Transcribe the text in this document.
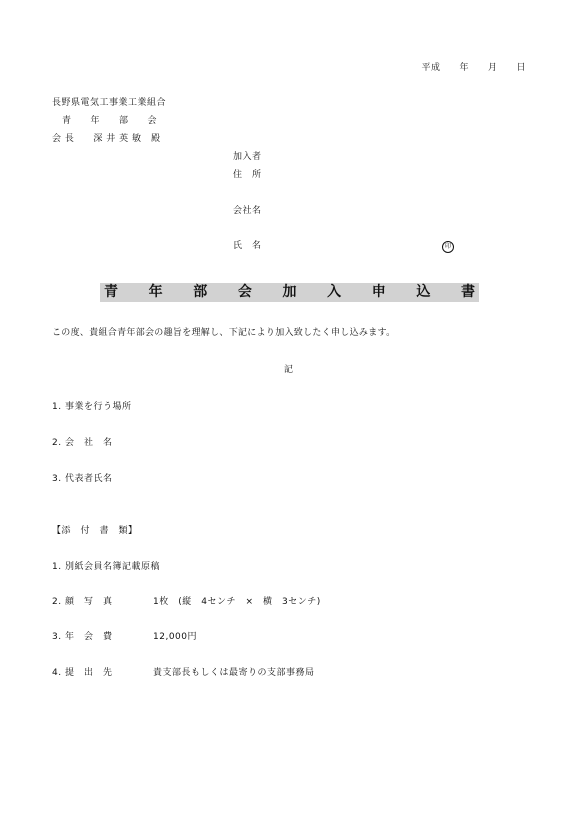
平成　　年　　月　　日
長野県電気工事業工業組合
青　　年　　部　　会
会 長　　深 井 英 敏　殿
加入者
住　所
会社名
氏　名	印
青 年 部 会 加 入 申 込 書
この度、貴組合青年部会の趣旨を理解し、下記により加入致したく申し込みます。
記
1. 事業を行う場所
2. 会　社　名
3. 代表者氏名
【添　付　書　類】
1. 別紙会員名簿記載原稿
2. 顔　写　真	1枚　(縦　4センチ　×　横　3センチ)
3. 年　会　費	12,000円
4. 提　出　先	貴支部長もしくは最寄りの支部事務局
